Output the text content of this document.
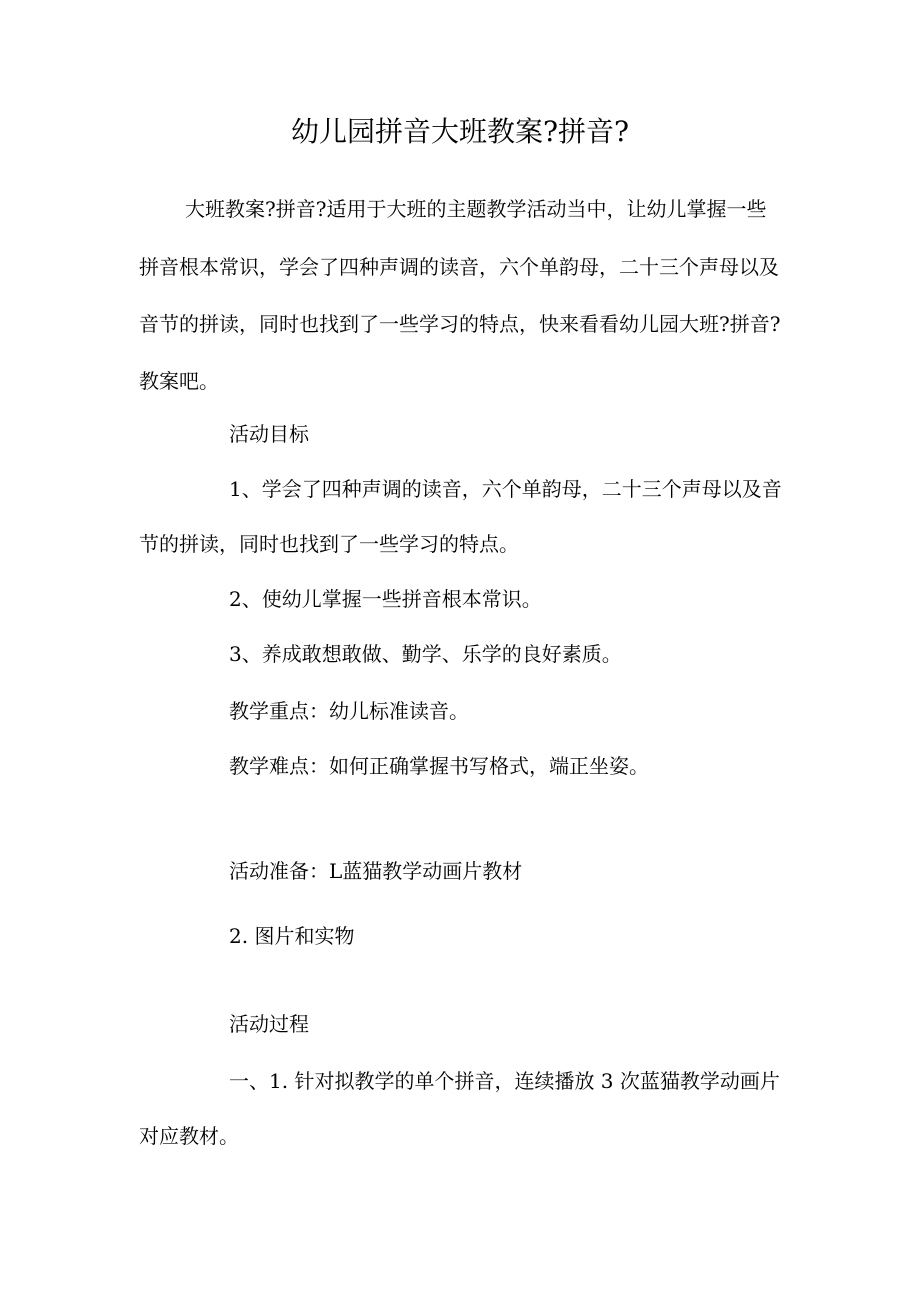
幼儿园拼音大班教案?拼音?
大班教案?拼音?适用于大班的主题教学活动当中，让幼儿掌握一些
拼音根本常识，学会了四种声调的读音，六个单韵母，二十三个声母以及
音节的拼读，同时也找到了一些学习的特点，快来看看幼儿园大班?拼音?
教案吧。
活动目标
1、学会了四种声调的读音，六个单韵母，二十三个声母以及音
节的拼读，同时也找到了一些学习的特点。
2、使幼儿掌握一些拼音根本常识。
3、养成敢想敢做、勤学、乐学的良好素质。
教学重点：幼儿标准读音。
教学难点：如何正确掌握书写格式，端正坐姿。
活动准备：L蓝猫教学动画片教材
2. 图片和实物
活动过程
一、1. 针对拟教学的单个拼音，连续播放 3 次蓝猫教学动画片
对应教材。
